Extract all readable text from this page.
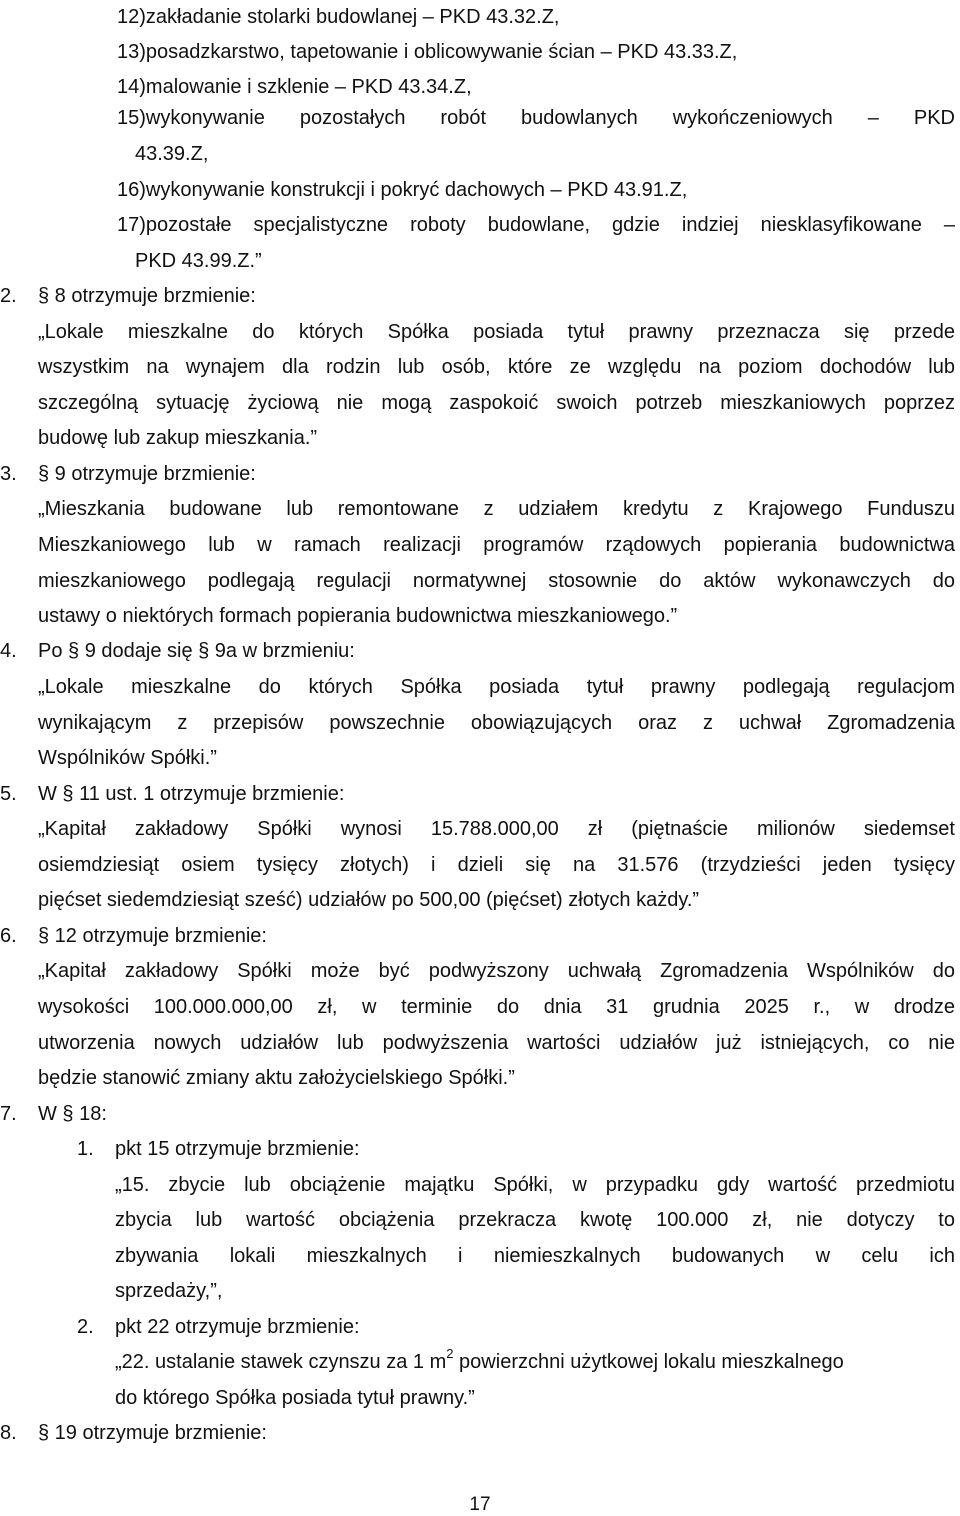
12)zakładanie stolarki budowlanej – PKD 43.32.Z,
13)posadzkarstwo, tapetowanie i oblicowywanie ścian – PKD 43.33.Z,
14)malowanie i szklenie – PKD 43.34.Z,
15)wykonywanie pozostałych robót budowlanych wykończeniowych – PKD
43.39.Z,
16)wykonywanie konstrukcji i pokryć dachowych – PKD 43.91.Z,
17)pozostałe specjalistyczne roboty budowlane, gdzie indziej niesklasyfikowane –
PKD 43.99.Z.”
2. § 8 otrzymuje brzmienie:
„Lokale mieszkalne do których Spółka posiada tytuł prawny przeznacza się przede
wszystkim na wynajem dla rodzin lub osób, które ze względu na poziom dochodów lub
szczególną sytuację życiową nie mogą zaspokoić swoich potrzeb mieszkaniowych poprzez
budowę lub zakup mieszkania.”
3. § 9 otrzymuje brzmienie:
„Mieszkania budowane lub remontowane z udziałem kredytu z Krajowego Funduszu
Mieszkaniowego lub w ramach realizacji programów rządowych popierania budownictwa
mieszkaniowego podlegają regulacji normatywnej stosownie do aktów wykonawczych do
ustawy o niektórych formach popierania budownictwa mieszkaniowego.”
4. Po § 9 dodaje się § 9a w brzmieniu:
„Lokale mieszkalne do których Spółka posiada tytuł prawny podlegają regulacjom
wynikającym z przepisów powszechnie obowiązujących oraz z uchwał Zgromadzenia
Wspólników Spółki.”
5. W § 11 ust. 1 otrzymuje brzmienie:
„Kapitał zakładowy Spółki wynosi 15.788.000,00 zł (piętnaście milionów siedemset
osiemdziesiąt osiem tysięcy złotych) i dzieli się na 31.576 (trzydzieści jeden tysięcy
pięćset siedemdziesiąt sześć) udziałów po 500,00 (pięćset) złotych każdy.”
6. § 12 otrzymuje brzmienie:
„Kapitał zakładowy Spółki może być podwyższony uchwałą Zgromadzenia Wspólników do
wysokości 100.000.000,00 zł, w terminie do dnia 31 grudnia 2025 r., w drodze
utworzenia nowych udziałów lub podwyższenia wartości udziałów już istniejących, co nie
będzie stanowić zmiany aktu założycielskiego Spółki.”
7. W § 18:
1. pkt 15 otrzymuje brzmienie:
„15. zbycie lub obciążenie majątku Spółki, w przypadku gdy wartość przedmiotu
zbycia lub wartość obciążenia przekracza kwotę 100.000 zł, nie dotyczy to
zbywania lokali mieszkalnych i niemieszkalnych budowanych w celu ich
sprzedaży,”,
2. pkt 22 otrzymuje brzmienie:
„22. ustalanie stawek czynszu za 1 $m^2$ powierzchni użytkowej lokalu mieszkalnego
do którego Spółka posiada tytuł prawny.”
8. § 19 otrzymuje brzmienie:
17
